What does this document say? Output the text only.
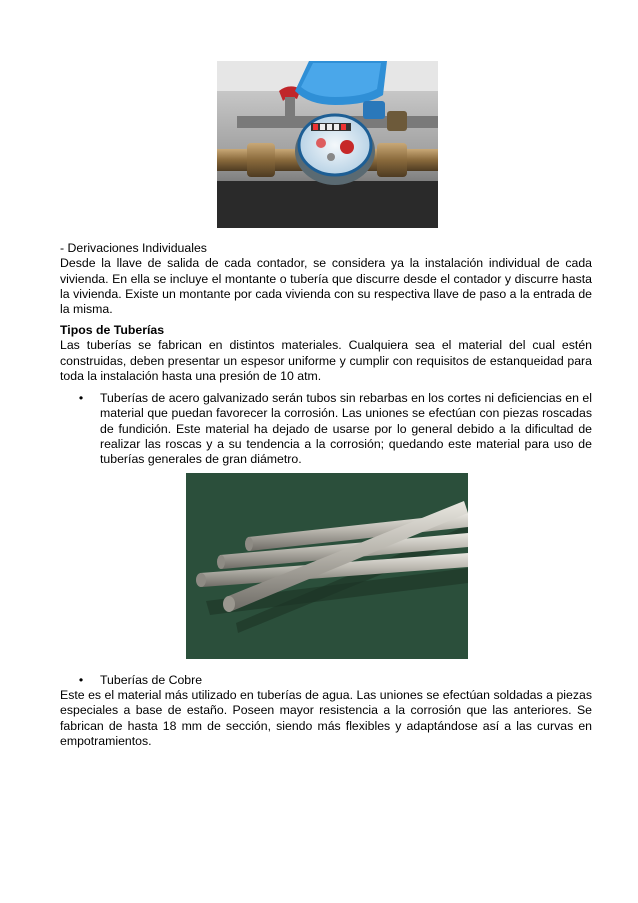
- Derivaciones Individuales
Desde la llave de salida de cada contador, se considera ya la instalación individual de cada vivienda. En ella se incluye el montante o tubería que discurre desde el contador y discurre hasta la vivienda. Existe un montante por cada vivienda con su respectiva llave de paso a la entrada de la misma.
Tipos de Tuberías
Las tuberías se fabrican en distintos materiales. Cualquiera sea el material del cual estén construidas, deben presentar un espesor uniforme y cumplir con requisitos de estanqueidad para toda la instalación hasta una presión de 10 atm.
•	Tuberías de acero galvanizado serán tubos sin rebarbas en los cortes ni deficiencias en el material que puedan favorecer la corrosión. Las uniones se efectúan con piezas roscadas de fundición. Este material ha dejado de usarse por lo general debido a la dificultad de realizar las roscas y a su tendencia a la corrosión; quedando este material para uso de tuberías generales de gran diámetro.
•	Tuberías de Cobre
Este es el material más utilizado en tuberías de agua. Las uniones se efectúan soldadas a piezas especiales a base de estaño. Poseen mayor resistencia a la corrosión que las anteriores. Se fabrican de hasta 18 mm de sección, siendo más flexibles y adaptándose así a las curvas en empotramientos.
